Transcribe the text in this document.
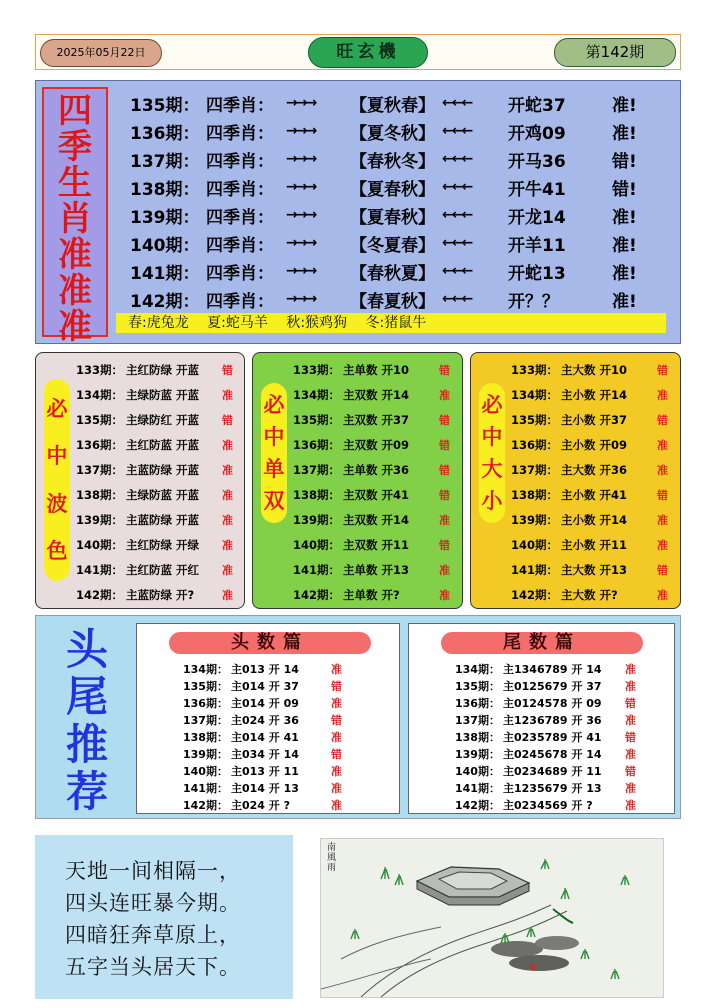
2025年05月22日	旺玄機	第142期
四
季
生
肖
准
准
准
135期： 四季肖： →→→	【夏秋春】 ←←←	开蛇37	准!
136期： 四季肖： →→→	【夏冬秋】 ←←←	开鸡09	准!
137期： 四季肖： →→→	【春秋冬】 ←←←	开马36	错!
138期： 四季肖： →→→	【夏春秋】 ←←←	开牛41	错!
139期： 四季肖： →→→	【夏春秋】 ←←←	开龙14	准!
140期： 四季肖： →→→	【冬夏春】 ←←←	开羊11	准!
141期： 四季肖： →→→	【春秋夏】 ←←←	开蛇13	准!
142期： 四季肖： →→→	【春夏秋】 ←←←	开？？	准!
春:虎兔龙 夏:蛇马羊 秋:猴鸡狗 冬:猪鼠牛
必
中
波
色
133期： 主红防绿 开蓝	错
134期： 主绿防蓝 开蓝	准
135期： 主绿防红 开蓝	错
136期： 主红防蓝 开蓝	准
137期： 主蓝防绿 开蓝	准
138期： 主绿防蓝 开蓝	准
139期： 主蓝防绿 开蓝	准
140期： 主红防绿 开绿	准
141期： 主红防蓝 开红	准
142期： 主蓝防绿 开?	准
必
中
单
双
133期： 主单数 开10	错
134期： 主双数 开14	准
135期： 主双数 开37	错
136期： 主双数 开09	错
137期： 主单数 开36	错
138期： 主双数 开41	错
139期： 主双数 开14	准
140期： 主双数 开11	错
141期： 主单数 开13	准
142期： 主单数 开?	准
必
中
大
小
133期： 主大数 开10	错
134期： 主小数 开14	准
135期： 主小数 开37	错
136期： 主小数 开09	准
137期： 主大数 开36	准
138期： 主小数 开41	错
139期： 主小数 开14	准
140期： 主小数 开11	准
141期： 主大数 开13	错
142期： 主大数 开?	准
头
尾
推
荐
头数篇
134期： 主013 开 14	准
135期： 主014 开 37	错
136期： 主014 开 09	准
137期： 主024 开 36	错
138期： 主014 开 41	准
139期： 主034 开 14	错
140期： 主013 开 11	准
141期： 主014 开 13	准
142期： 主024 开 ?	准
尾数篇
134期： 主1346789 开 14	准
135期： 主0125679 开 37	准
136期： 主0124578 开 09	错
137期： 主1236789 开 36	准
138期： 主0235789 开 41	错
139期： 主0245678 开 14	准
140期： 主0234689 开 11	错
141期： 主1235679 开 13	准
142期： 主0234569 开 ?	准
天地一间相隔一，
四头连旺暴今期。
四暗狂奔草原上，
五字当头居天下。
南風雨
